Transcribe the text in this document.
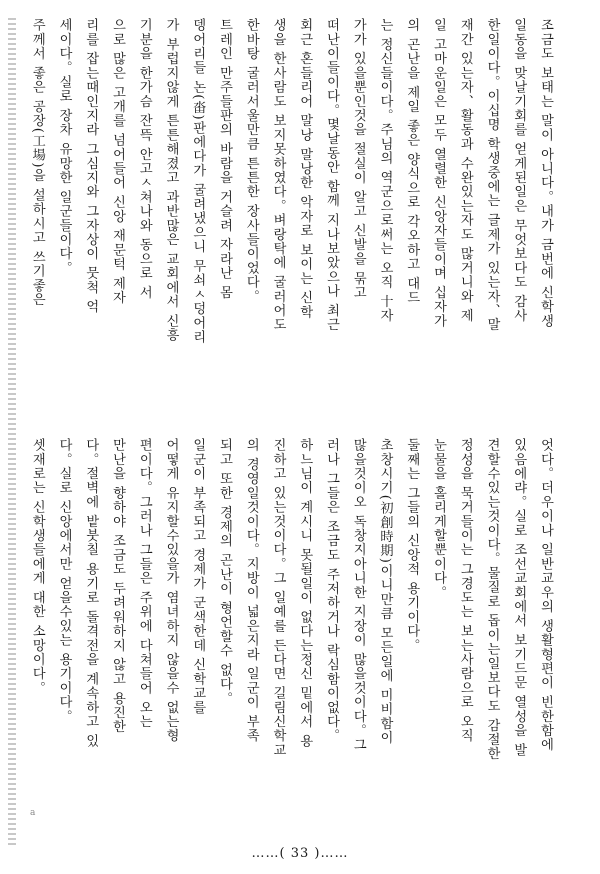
조금도 보태는 말이 아니다。내가 금번에 신학생
일동을 맞날기회를 얻게된일은 무엇보다도 감사
한일이다。이십명 학생중에는 글제가 있는자、말
재간 있는자、활동과 수완있는자도 많거니와 제
일 고마운일은 모두 열렬한 신앙자들이며 십자가
의 곤난을 제일 좋은 양식으로 각오하고 대드
는 정신들이다。주님의 역군으로써는 오직 十자
가가 있을뿐인것을 절실이 알고 신발을 묶고
떠난이들이다。몇날동안 함께 지나보았으나 최근
회근 혼들리어 말낭 말낭한 악자로 보이는 신학
생을 한사람도 보지못하였다。벼랑탁에 굴러어도
한바탕 굴러서울만큼 튼튼한 장사들이었다。
트레인 만주들판의 바람을 거슬려 자라난 몸
뎅어리들 논(畓)판에다가 굴려냈으니 무쇠ㅅ덩어리
가 부럽지않게 튼튼해졌고 과반많은 교회에서 신흥
기분을 한가슴 잔뜩 안고ㅅ쳐나와 동으로 서
으로 많은 고개를 넘어들어 신앙 재문턱 제자
리를 잡는때인지라 그심지와 그자상이 뭇척 억
세이다。실로 장차 유망한 일군들이다。
주께서 좋은 공장(工場)을 설하시고 쓰기좋은
엇다。더우이나 일반교우의 생활형편이 빈한함에
있음에랴。실로 조선교회에서 보기드문 열성을 발
견할수있는것이다。물질로 돕이는일보다도 감절한
정성을 묵거들이는 그경도는 보는사람으로 오직
눈물을 홀리게할뿐이다。
둘째는 그들의 신앙적 용기이다。
초창시기(初創時期)이니만큼 모든일에 미비함이
많을것이오 독창지아니한 지장이 많을것이다。그
러나 그들은 조금도 주저하거나 락심함이없다。
하느님이 계시니 못될일이 없다는정신 밑에서 용
진하고 있는것이다。그 일예를 든다면 길림신학교
의 경영일것이다。지방이 넓은지라 일군이 부족
되고 또한 경제의 곤난이 형언할수 없다。
일군이 부족되고 경제가 군색한데 신학교를
어떻게 유지할수있을가 염녀하지 않을수 없는형
편이다。그러나 그들은 주위에 다쳐들어 오는
만난을 향하야 조금도 두려워하지 않고 용진한
다。절벽에 밭붓칠 용기로 돌격전을 계속하고 있
다。실로 신앙에서만 얻을수있는 용기이다。
셋재로는 신학생들에게 대한 소망이다。
a
……( 33 )……
